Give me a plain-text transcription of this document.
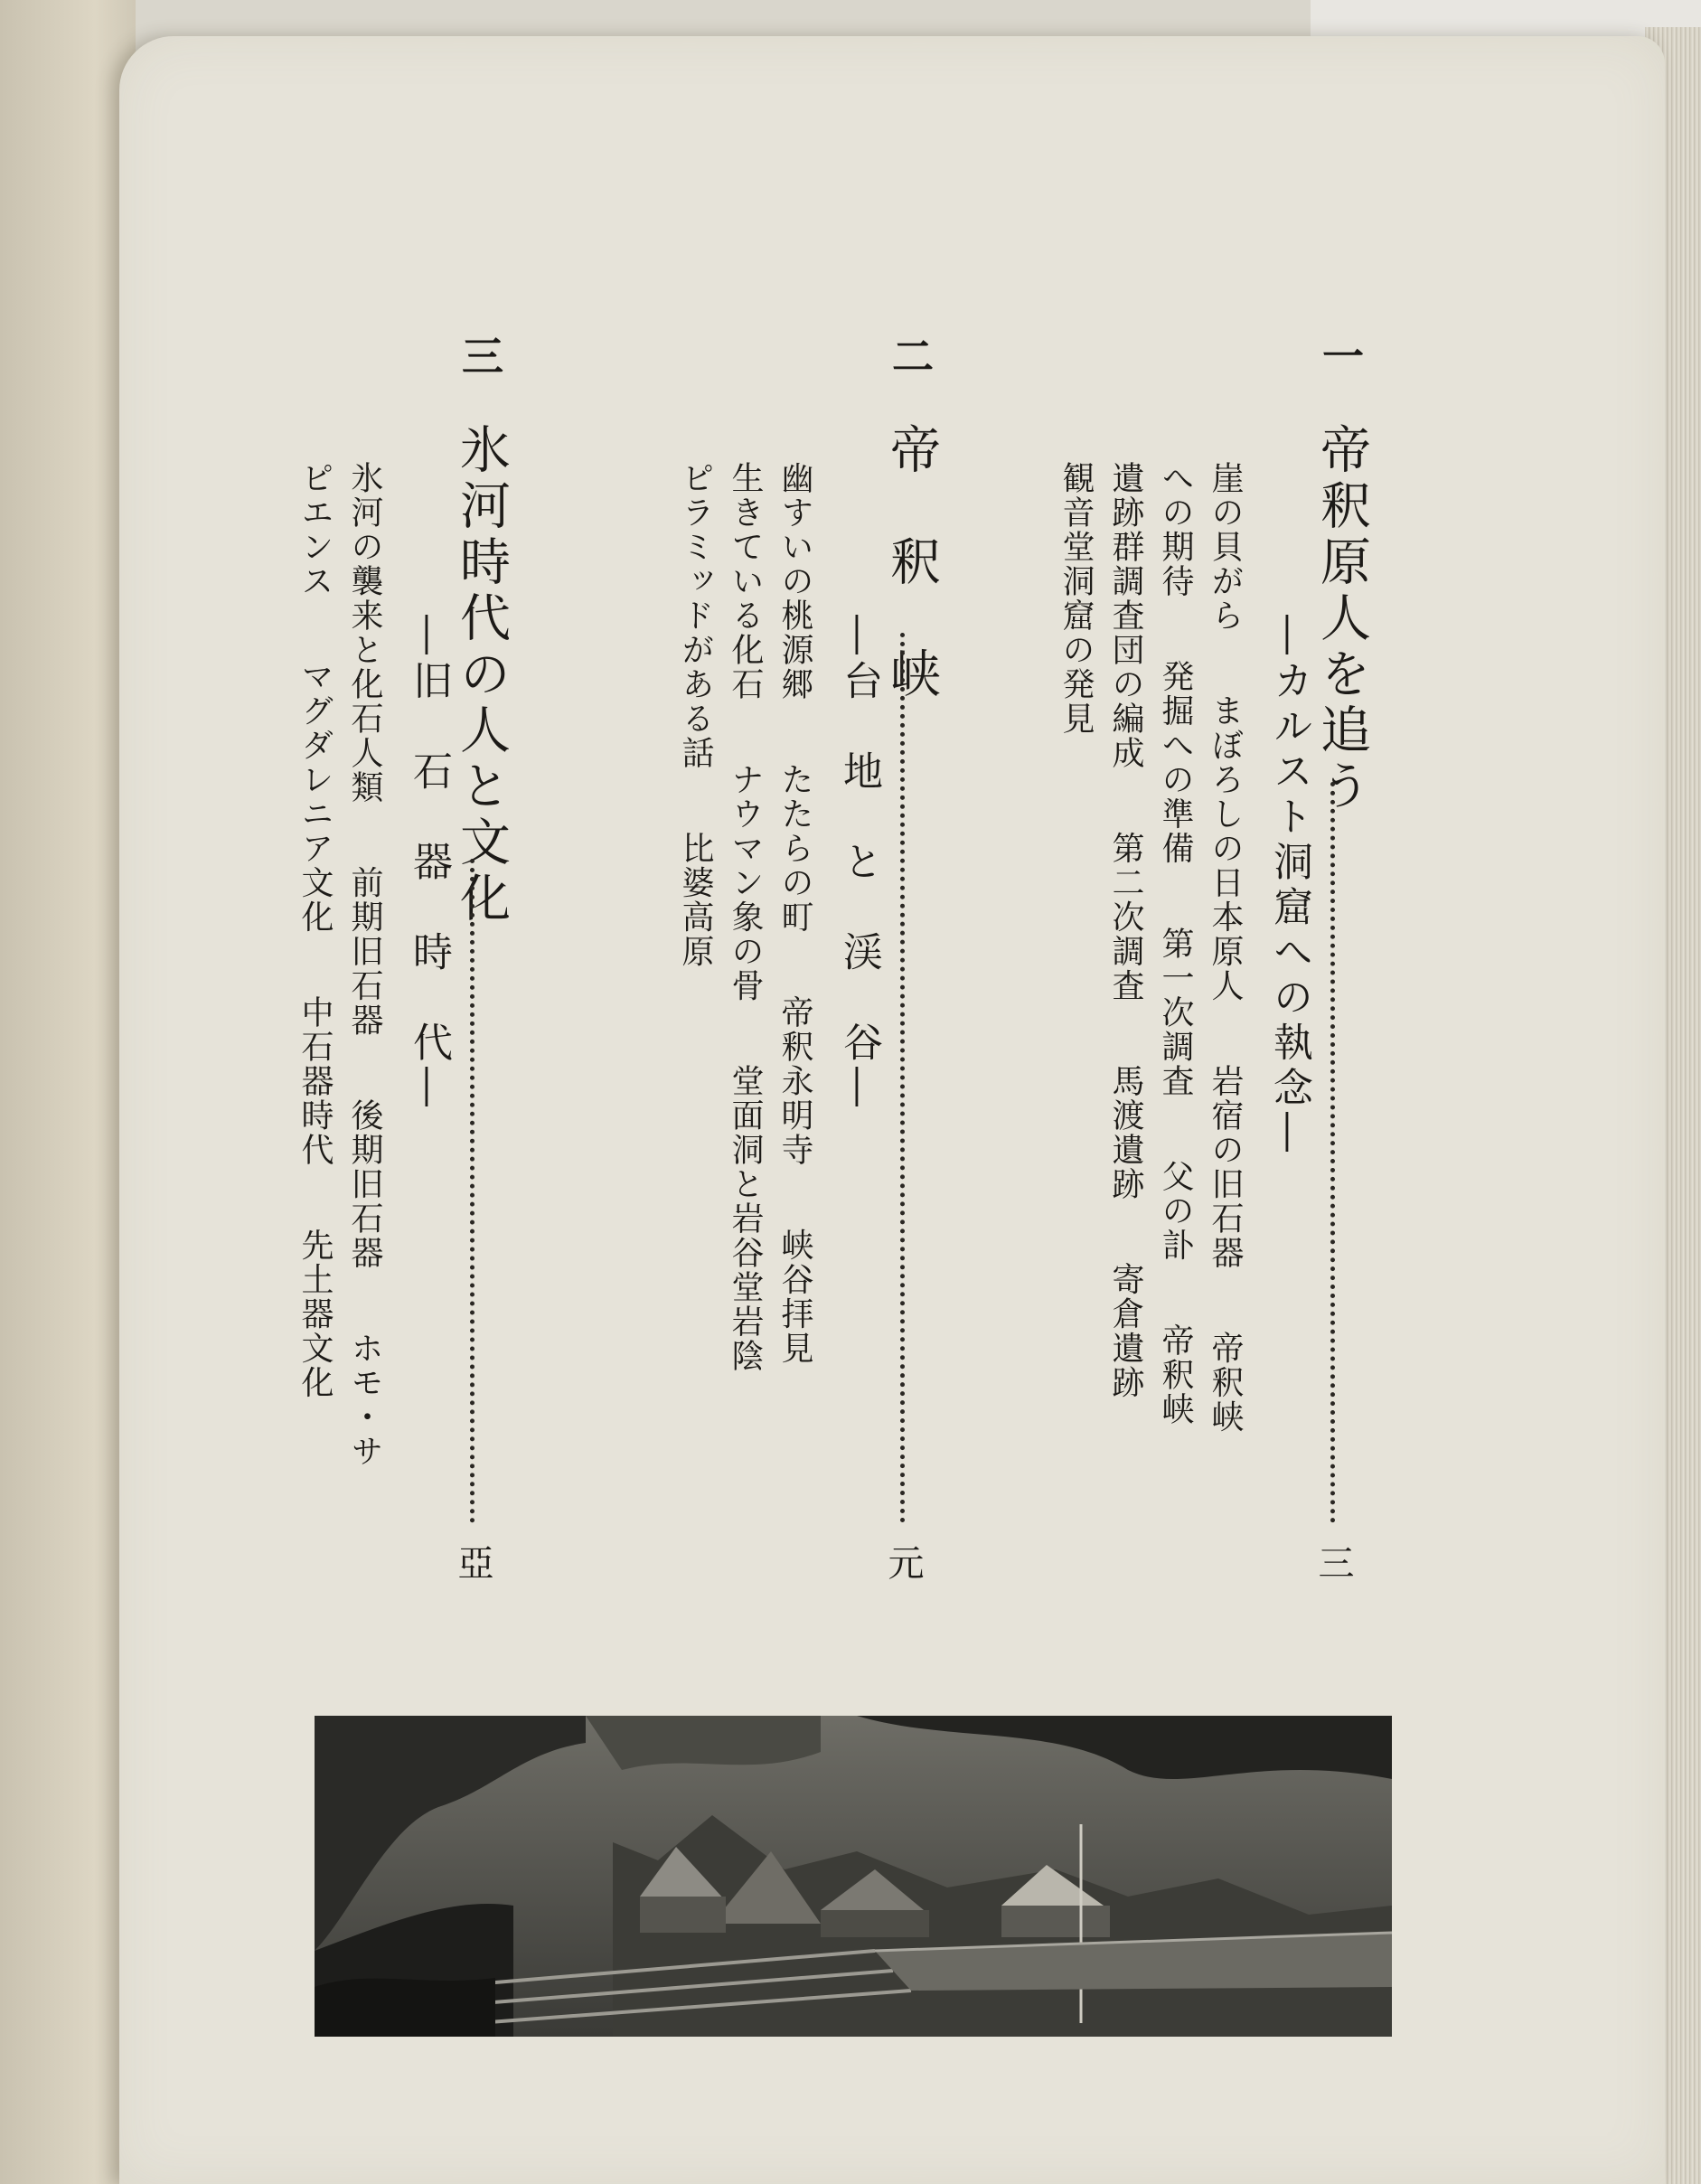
一
帝釈原人を追う
三
―カルスト洞窟への執念―
崖の貝がら まぼろしの日本原人 岩宿の旧石器 帝釈峡
への期待 発掘への準備 第一次調査 父の訃 帝釈峡
遺跡群調査団の編成 第二次調査 馬渡遺跡 寄倉遺跡
観音堂洞窟の発見
二
帝　釈　峡
元
―台　地　と　渓　谷―
幽すいの桃源郷 たたらの町 帝釈永明寺 峡谷拝見
生きている化石 ナウマン象の骨 堂面洞と岩谷堂岩陰
ピラミッドがある話 比婆高原
三
氷河時代の人と文化
亞
―旧　石　器　時　代―
氷河の襲来と化石人類 前期旧石器 後期旧石器 ホモ・サ
ピエンス マグダレニア文化 中石器時代 先土器文化
